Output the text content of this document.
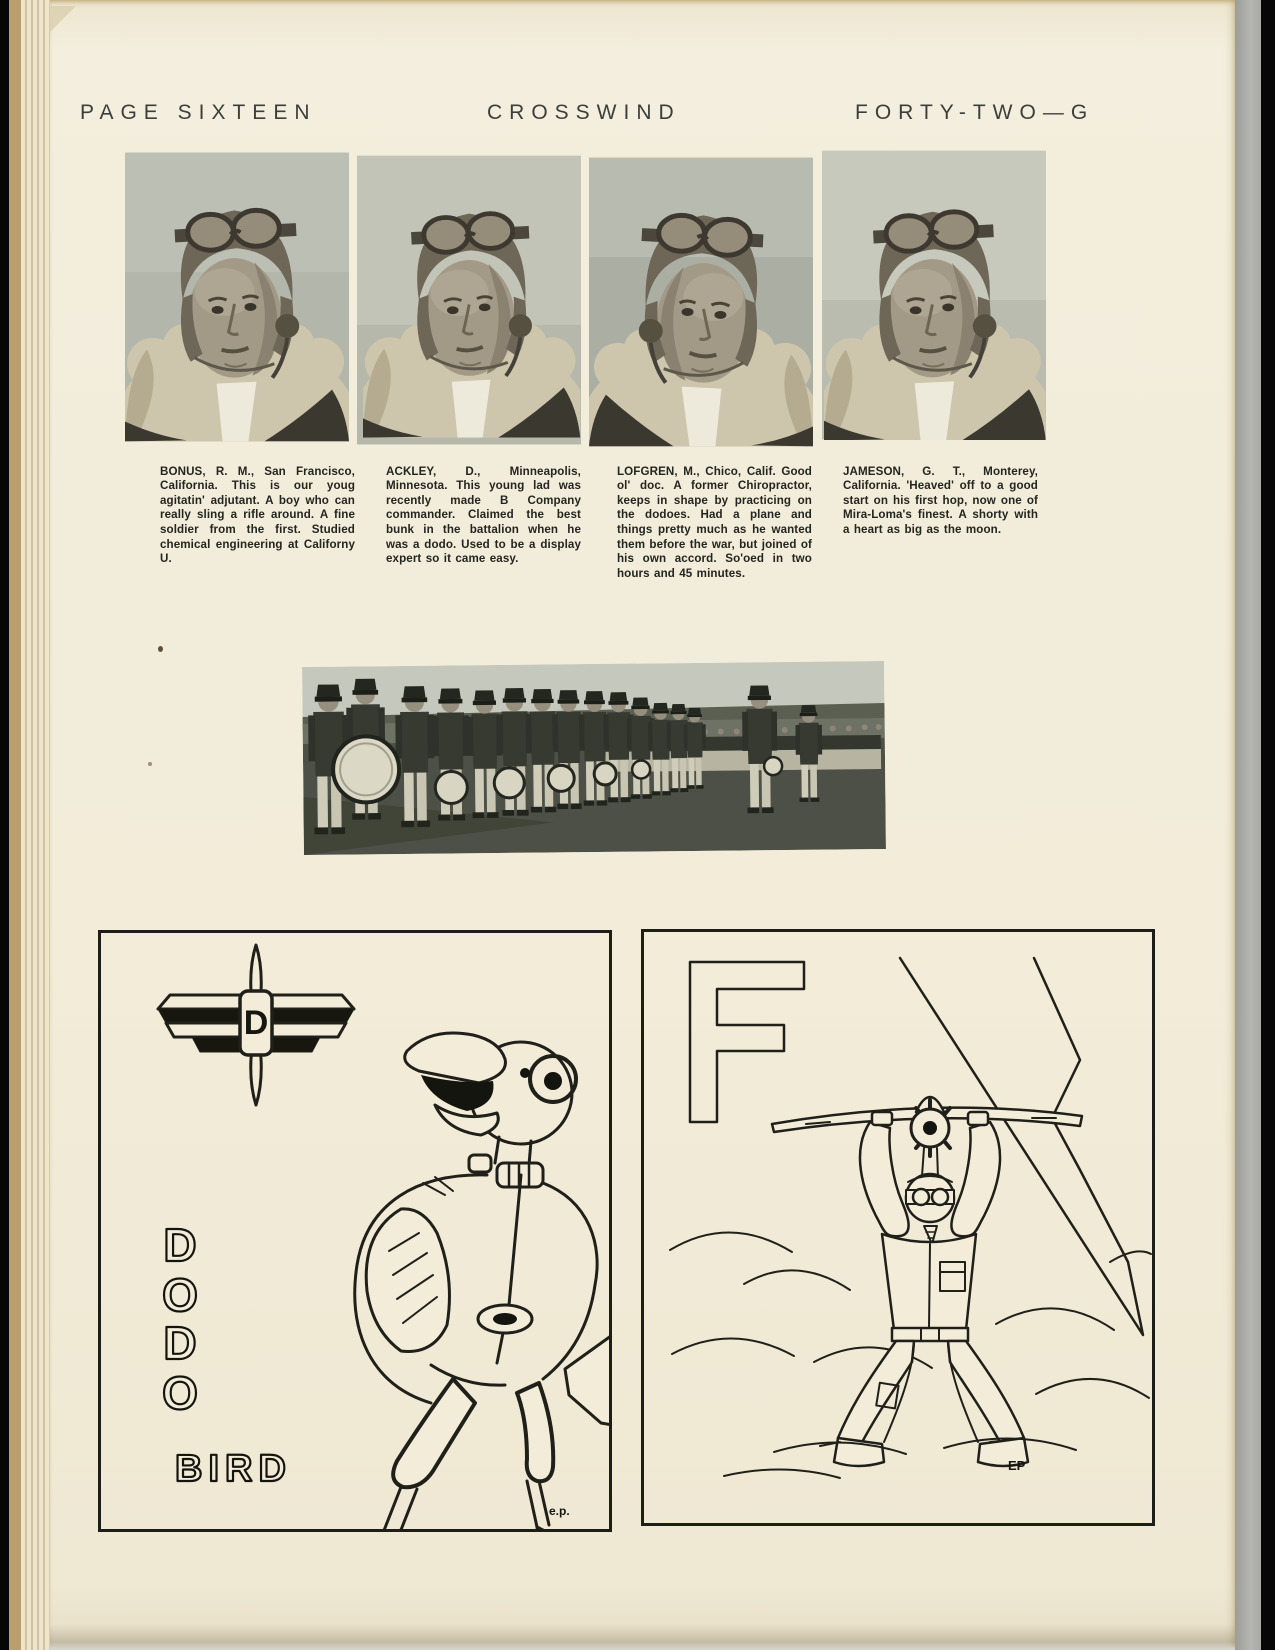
PAGE SIXTEEN	CROSSWIND	FORTY-TWO—G

BONUS, R. M., San Francisco, California. This is our youg agitatin' adjutant. A boy who can really sling a rifle around. A fine soldier from the first. Studied chemical engineering at Californy U.

ACKLEY, D., Minneapolis, Minnesota. This young lad was recently made B Company commander. Claimed the best bunk in the battalion when he was a dodo. Used to be a display expert so it came easy.

LOFGREN, M., Chico, Calif. Good ol' doc. A former Chiropractor, keeps in shape by practicing on the dodoes. Had a plane and things pretty much as he wanted them before the war, but joined of his own accord. So'oed in two hours and 45 minutes.

JAMESON, G. T., Monterey, California. 'Heaved' off to a good start on his first hop, now one of Mira-Loma's finest. A shorty with a heart as big as the moon.

D
D
O
D
O
BIRD
e.p.
EP
